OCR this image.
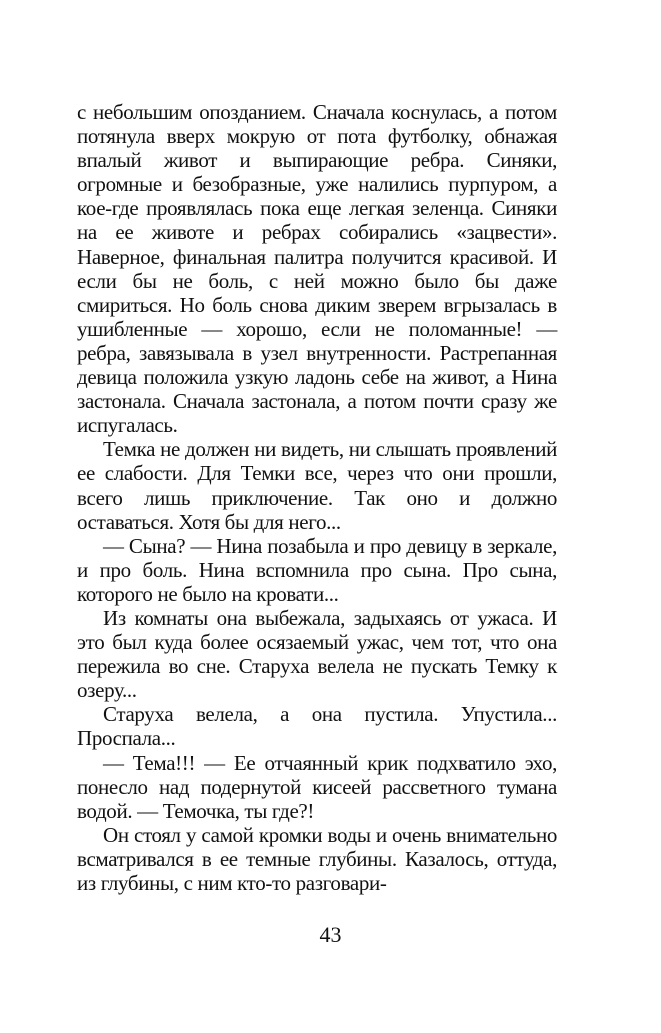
с небольшим опозданием. Сначала коснулась, а потом потянула вверх мокрую от пота футболку, обнажая впалый живот и выпирающие ребра. Синяки, огромные и безобразные, уже налились пурпуром, а кое-где проявлялась пока еще легкая зеленца. Синяки на ее животе и ребрах собирались «зацвести». Наверное, финальная палитра получится красивой. И если бы не боль, с ней можно было бы даже смириться. Но боль снова диким зверем вгрызалась в ушибленные — хорошо, если не поломанные! — ребра, завязывала в узел внутренности. Растрепанная девица положила узкую ладонь себе на живот, а Нина застонала. Сначала застонала, а потом почти сразу же испугалась.

Темка не должен ни видеть, ни слышать проявлений ее слабости. Для Темки все, через что они прошли, всего лишь приключение. Так оно и должно оставаться. Хотя бы для него...

— Сына? — Нина позабыла и про девицу в зеркале, и про боль. Нина вспомнила про сына. Про сына, которого не было на кровати...

Из комнаты она выбежала, задыхаясь от ужаса. И это был куда более осязаемый ужас, чем тот, что она пережила во сне. Старуха велела не пускать Темку к озеру...

Старуха велела, а она пустила. Упустила... Проспала...

— Тема!!! — Ее отчаянный крик подхватило эхо, понесло над подернутой кисеей рассветного тумана водой. — Темочка, ты где?!

Он стоял у самой кромки воды и очень внимательно всматривался в ее темные глубины. Казалось, оттуда, из глубины, с ним кто-то разговари-

43
